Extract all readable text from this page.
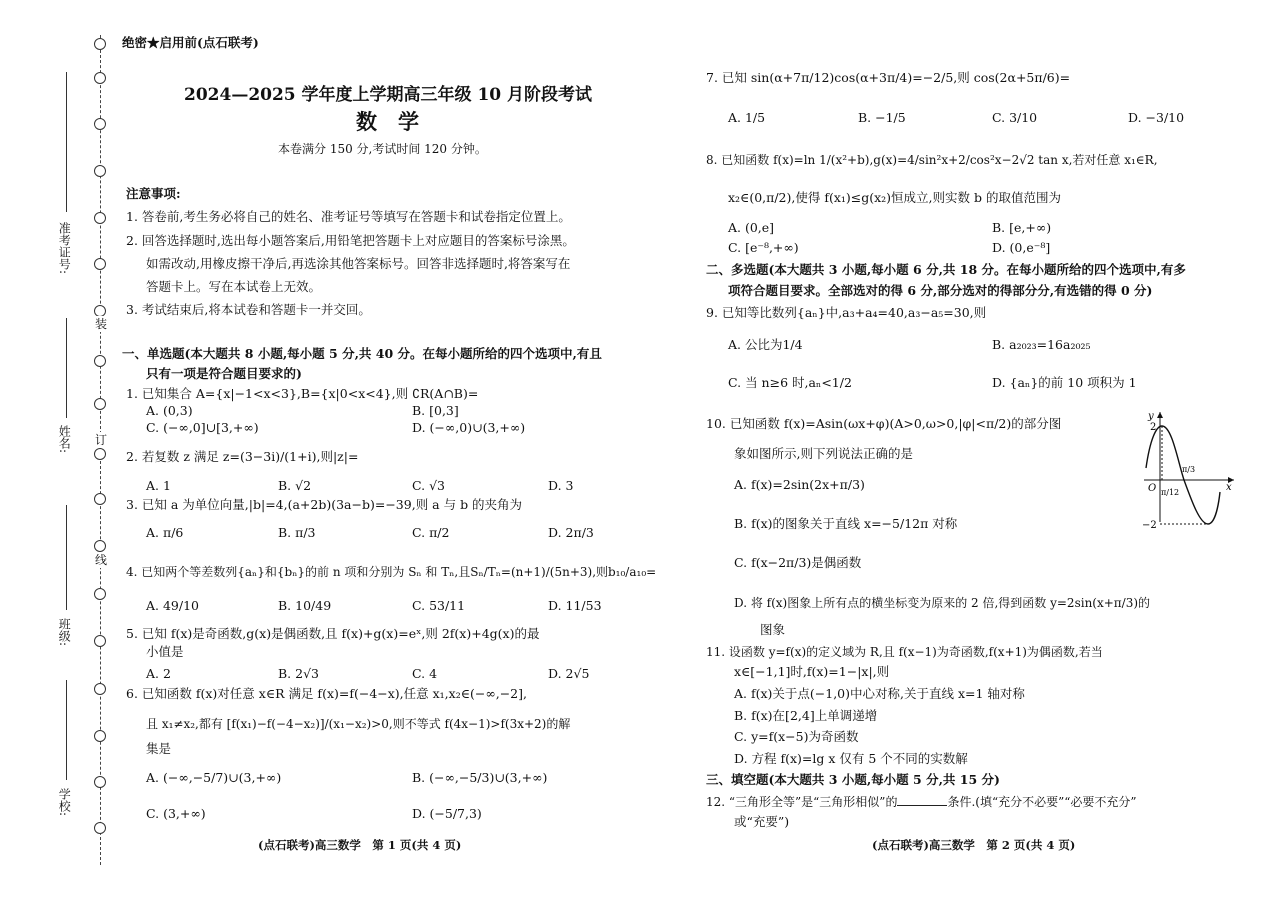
装
订
线
准考证号:
姓名:
班级:
学校:
绝密★启用前(点石联考)
2024—2025 学年度上学期高三年级 10 月阶段考试
数　学
本卷满分 150 分,考试时间 120 分钟。
注意事项:
1. 答卷前,考生务必将自己的姓名、准考证号等填写在答题卡和试卷指定位置上。
2. 回答选择题时,选出每小题答案后,用铅笔把答题卡上对应题目的答案标号涂黑。
如需改动,用橡皮擦干净后,再选涂其他答案标号。回答非选择题时,将答案写在
答题卡上。写在本试卷上无效。
3. 考试结束后,将本试卷和答题卡一并交回。
一、单选题(本大题共 8 小题,每小题 5 分,共 40 分。在每小题所给的四个选项中,有且
只有一项是符合题目要求的)
1. 已知集合 A={x|−1<x<3},B={x|0<x<4},则 ∁R(A∩B)=
A. (0,3)	B. [0,3]
C. (−∞,0]∪[3,+∞)	D. (−∞,0)∪(3,+∞)
2. 若复数 z 满足 z=(3−3i)/(1+i),则|z|=
A. 1	B. √2	C. √3	D. 3
3. 已知 a 为单位向量,|b|=4,(a+2b)(3a−b)=−39,则 a 与 b 的夹角为
A. π/6	B. π/3	C. π/2	D. 2π/3
4. 已知两个等差数列{aₙ}和{bₙ}的前 n 项和分别为 Sₙ 和 Tₙ,且Sₙ/Tₙ=(n+1)/(5n+3),则b₁₀/a₁₀=
A. 49/10	B. 10/49	C. 53/11	D. 11/53
5. 已知 f(x)是奇函数,g(x)是偶函数,且 f(x)+g(x)=eˣ,则 2f(x)+4g(x)的最
小值是
A. 2	B. 2√3	C. 4	D. 2√5
6. 已知函数 f(x)对任意 x∈R 满足 f(x)=f(−4−x),任意 x₁,x₂∈(−∞,−2],
且 x₁≠x₂,都有 [f(x₁)−f(−4−x₂)]/(x₁−x₂)>0,则不等式 f(4x−1)>f(3x+2)的解
集是
A. (−∞,−5/7)∪(3,+∞)	B. (−∞,−5/3)∪(3,+∞)
C. (3,+∞)	D. (−5/7,3)
(点石联考)高三数学　第 1 页(共 4 页)
7. 已知 sin(α+7π/12)cos(α+3π/4)=−2/5,则 cos(2α+5π/6)=
A. 1/5	B. −1/5	C. 3/10	D. −3/10
8. 已知函数 f(x)=ln 1/(x²+b),g(x)=4/sin²x+2/cos²x−2√2 tan x,若对任意 x₁∈R,
x₂∈(0,π/2),使得 f(x₁)≤g(x₂)恒成立,则实数 b 的取值范围为
A. (0,e]	B. [e,+∞)
C. [e⁻⁸,+∞)	D. (0,e⁻⁸]
二、多选题(本大题共 3 小题,每小题 6 分,共 18 分。在每小题所给的四个选项中,有多
项符合题目要求。全部选对的得 6 分,部分选对的得部分分,有选错的得 0 分)
9. 已知等比数列{aₙ}中,a₃+a₄=40,a₃−a₅=30,则
A. 公比为1/4	B. a₂₀₂₃=16a₂₀₂₅
C. 当 n≥6 时,aₙ<1/2	D. {aₙ}的前 10 项积为 1
10. 已知函数 f(x)=Asin(ωx+φ)(A>0,ω>0,|φ|<π/2)的部分图
象如图所示,则下列说法正确的是
A. f(x)=2sin(2x+π/3)
B. f(x)的图象关于直线 x=−5/12π 对称
C. f(x−2π/3)是偶函数
D. 将 f(x)图象上所有点的横坐标变为原来的 2 倍,得到函数 y=2sin(x+π/3)的
图象
y
x
O
2
−2
π/12
π/3
11. 设函数 y=f(x)的定义域为 R,且 f(x−1)为奇函数,f(x+1)为偶函数,若当
x∈[−1,1]时,f(x)=1−|x|,则
A. f(x)关于点(−1,0)中心对称,关于直线 x=1 轴对称
B. f(x)在[2,4]上单调递增
C. y=f(x−5)为奇函数
D. 方程 f(x)=lg x 仅有 5 个不同的实数解
三、填空题(本大题共 3 小题,每小题 5 分,共 15 分)
12. “三角形全等”是“三角形相似”的	条件.(填“充分不必要”“必要不充分”
或“充要”)
(点石联考)高三数学　第 2 页(共 4 页)
